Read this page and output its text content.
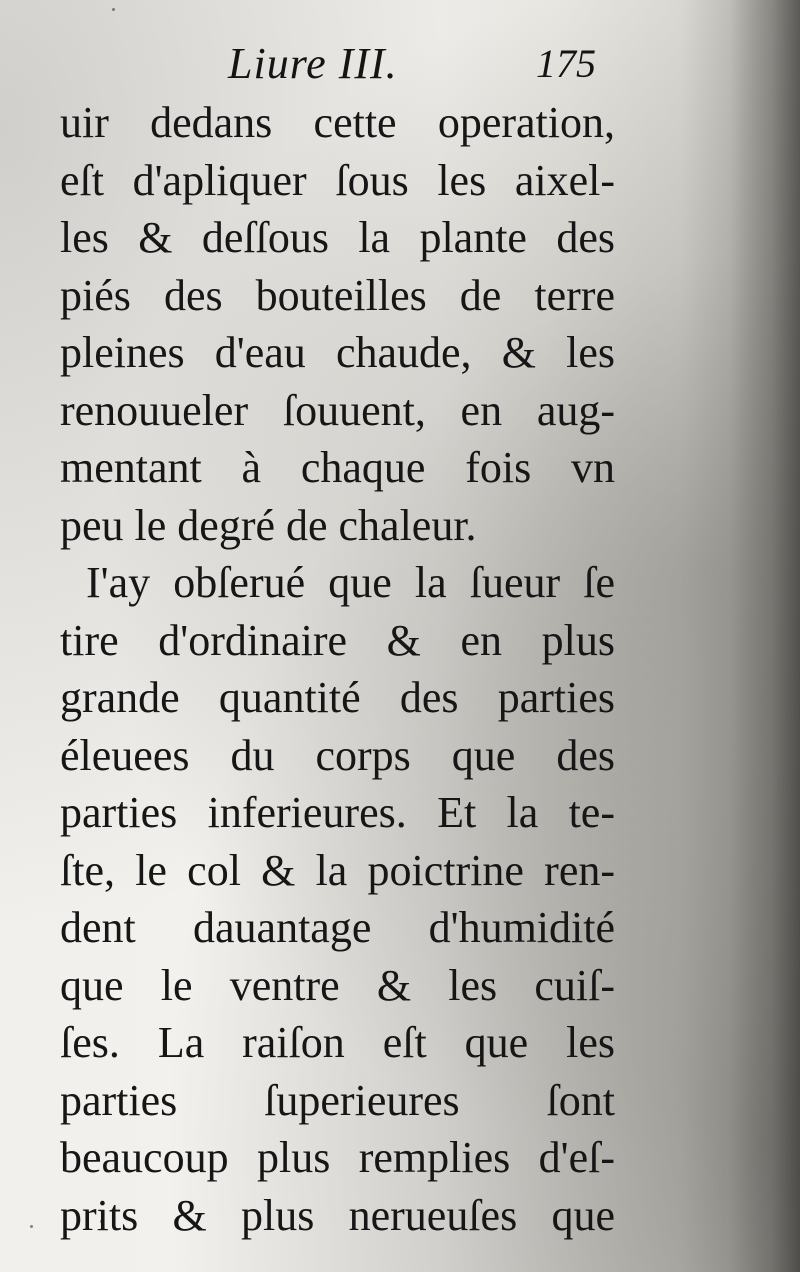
Liure III.	175
uir dedans cette operation,
eſt d'apliquer ſous les aixel-
les & deſſous la plante des
piés des bouteilles de terre
pleines d'eau chaude, & les
renouueler ſouuent, en aug-
mentant à chaque fois vn
peu le degré de chaleur.
I'ay obſerué que la ſueur ſe
tire d'ordinaire & en plus
grande quantité des parties
éleuees du corps que des
parties inferieures. Et la te-
ſte, le col & la poictrine ren-
dent dauantage d'humidité
que le ventre & les cuiſ-
ſes. La raiſon eſt que les
parties ſuperieures ſont
beaucoup plus remplies d'eſ-
prits & plus nerueuſes que
